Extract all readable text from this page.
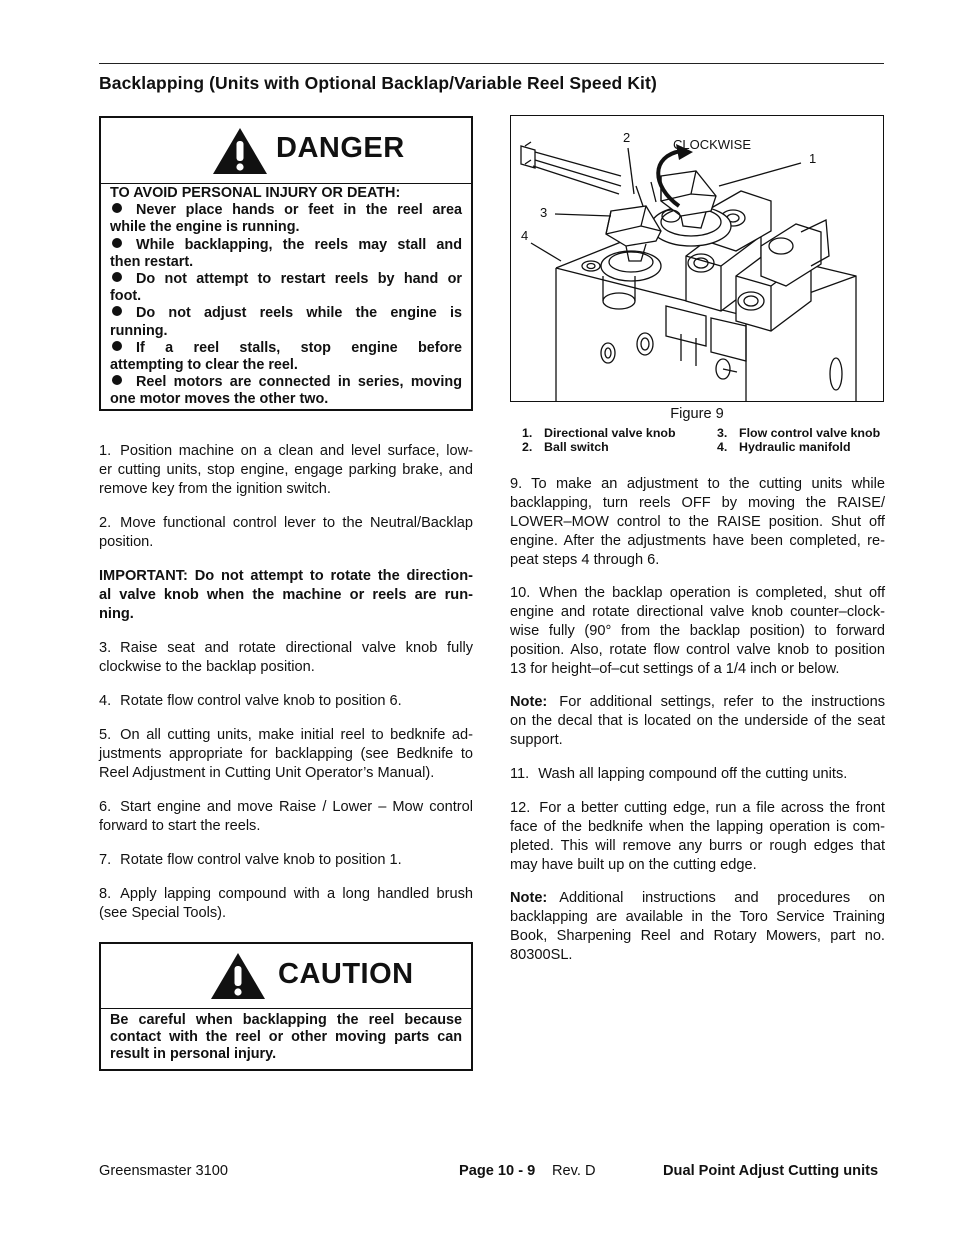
Backlapping (Units with Optional Backlap/Variable Reel Speed Kit)
DANGER
TO AVOID PERSONAL INJURY OR DEATH:
Never place hands or feet in the reel area
while the engine is running.
While backlapping, the reels may stall and
then restart.
Do not attempt to restart reels by hand or
foot.
Do not adjust reels while the engine is
running.
If a reel stalls, stop engine before
attempting to clear the reel.
Reel motors are connected in series, moving
one motor moves the other two.
1. Position machine on a clean and level surface, low-
er cutting units, stop engine, engage parking brake, and
remove key from the ignition switch.
2. Move functional control lever to the Neutral/Backlap
position.
IMPORTANT: Do not attempt to rotate the direction-
al valve knob when the machine or reels are run-
ning.
3. Raise seat and rotate directional valve knob fully
clockwise to the backlap position.
4. Rotate flow control valve knob to position 6.
5. On all cutting units, make initial reel to bedknife ad-
justments appropriate for backlapping (see Bedknife to
Reel Adjustment in Cutting Unit Operator’s Manual).
6. Start engine and move Raise / Lower – Mow control
forward to start the reels.
7. Rotate flow control valve knob to position 1.
8. Apply lapping compound with a long handled brush
(see Special Tools).
CAUTION
Be careful when backlapping the reel because
contact with the reel or other moving parts can
result in personal injury.
2	CLOCKWISE
1
3
4
Figure 9
1. Directional valve knob
2. Ball switch
3. Flow control valve knob
4. Hydraulic manifold
9. To make an adjustment to the cutting units while
backlapping, turn reels OFF by moving the RAISE/
LOWER–MOW control to the RAISE position. Shut off
engine. After the adjustments have been completed, re-
peat steps 4 through 6.
10. When the backlap operation is completed, shut off
engine and rotate directional valve knob counter–clock-
wise fully (90° from the backlap position) to forward
position. Also, rotate flow control valve knob to position
13 for height–of–cut settings of a 1/4 inch or below.
Note: For additional settings, refer to the instructions
on the decal that is located on the underside of the seat
support.
11. Wash all lapping compound off the cutting units.
12. For a better cutting edge, run a file across the front
face of the bedknife when the lapping operation is com-
pleted. This will remove any burrs or rough edges that
may have built up on the cutting edge.
Note: Additional instructions and procedures on
backlapping are available in the Toro Service Training
Book, Sharpening Reel and Rotary Mowers, part no.
80300SL.
Greensmaster 3100	Page 10 - 9 Rev. D	Dual Point Adjust Cutting units
